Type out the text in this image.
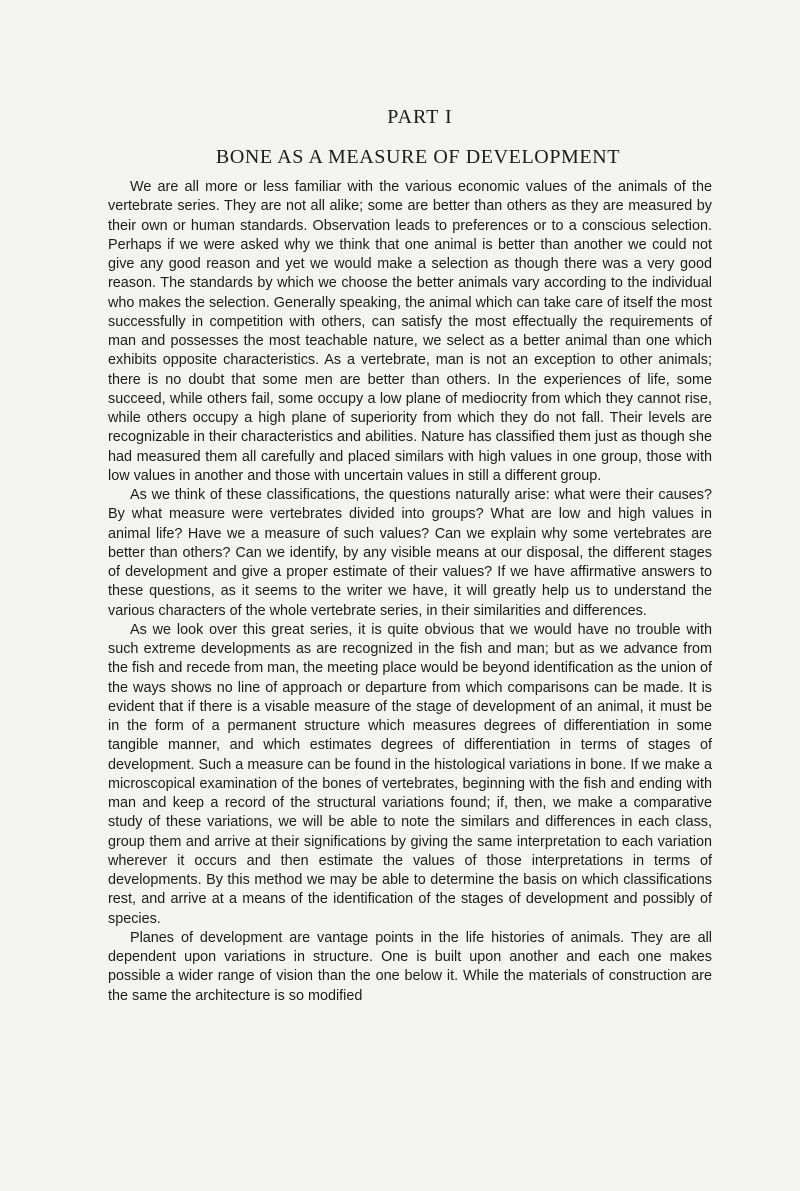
PART I
BONE AS A MEASURE OF DEVELOPMENT

We are all more or less familiar with the various economic values of the animals of the vertebrate series. They are not all alike; some are better than others as they are measured by their own or human standards. Observation leads to preferences or to a conscious selection. Perhaps if we were asked why we think that one animal is better than another we could not give any good reason and yet we would make a selection as though there was a very good reason. The standards by which we choose the better animals vary according to the individual who makes the selection. Generally speaking, the animal which can take care of itself the most successfully in competition with others, can satisfy the most effectually the requirements of man and possesses the most teachable nature, we select as a better animal than one which exhibits opposite characteristics. As a vertebrate, man is not an exception to other animals; there is no doubt that some men are better than others. In the experiences of life, some succeed, while others fail, some occupy a low plane of mediocrity from which they cannot rise, while others occupy a high plane of superiority from which they do not fall. Their levels are recognizable in their characteristics and abilities. Nature has classified them just as though she had measured them all carefully and placed similars with high values in one group, those with low values in another and those with uncertain values in still a different group.

As we think of these classifications, the questions naturally arise: what were their causes? By what measure were vertebrates divided into groups? What are low and high values in animal life? Have we a measure of such values? Can we explain why some vertebrates are better than others? Can we identify, by any visible means at our disposal, the different stages of development and give a proper estimate of their values? If we have affirmative answers to these questions, as it seems to the writer we have, it will greatly help us to understand the various characters of the whole vertebrate series, in their similarities and differences.

As we look over this great series, it is quite obvious that we would have no trouble with such extreme developments as are recognized in the fish and man; but as we advance from the fish and recede from man, the meeting place would be beyond identification as the union of the ways shows no line of approach or departure from which comparisons can be made. It is evident that if there is a visable measure of the stage of development of an animal, it must be in the form of a permanent structure which measures degrees of differentiation in some tangible manner, and which estimates degrees of differentiation in terms of stages of development. Such a measure can be found in the histological variations in bone. If we make a microscopical examination of the bones of vertebrates, beginning with the fish and ending with man and keep a record of the structural variations found; if, then, we make a comparative study of these variations, we will be able to note the similars and differences in each class, group them and arrive at their significations by giving the same interpretation to each variation wherever it occurs and then estimate the values of those interpretations in terms of developments. By this method we may be able to determine the basis on which classifications rest, and arrive at a means of the identification of the stages of development and possibly of species.

Planes of development are vantage points in the life histories of animals. They are all dependent upon variations in structure. One is built upon another and each one makes possible a wider range of vision than the one below it. While the materials of construction are the same the architecture is so modified
